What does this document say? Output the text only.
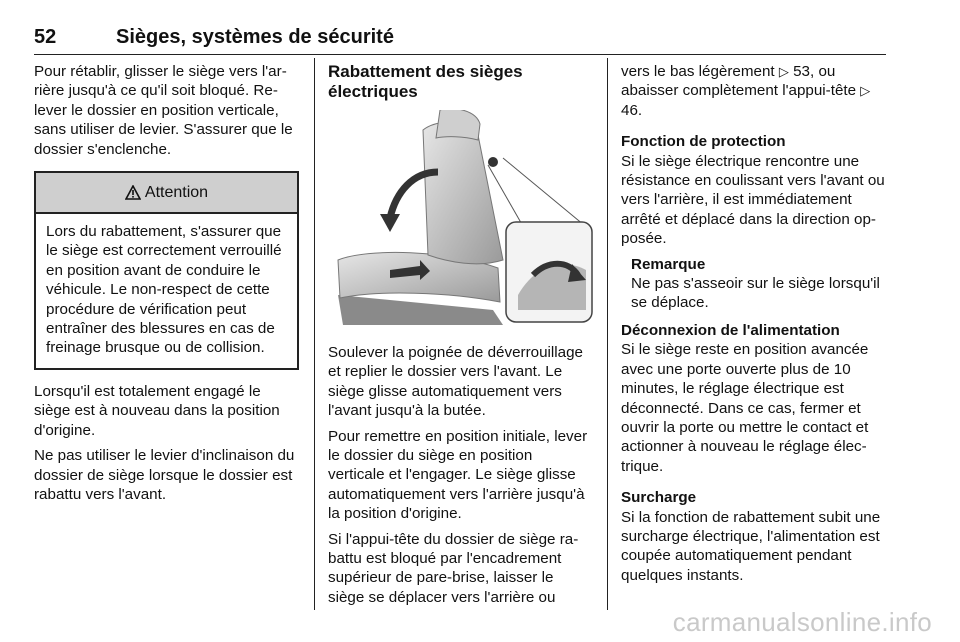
52	Sièges, systèmes de sécurité

Pour rétablir, glisser le siège vers l'arrière jusqu'à ce qu'il soit bloqué. Relever le dossier en position verticale, sans utiliser de levier. S'assurer que le dossier s'enclenche.

Attention
Lors du rabattement, s'assurer que le siège est correctement verrouillé en position avant de conduire le véhicule. Le non-respect de cette procédure de vérification peut entraîner des blessures en cas de freinage brusque ou de collision.

Lorsqu'il est totalement engagé le siège est à nouveau dans la position d'origine.

Ne pas utiliser le levier d'inclinaison du dossier de siège lorsque le dossier est rabattu vers l'avant.

Rabattement des sièges électriques

Soulever la poignée de déverrouillage et replier le dossier vers l'avant. Le siège glisse automatiquement vers l'avant jusqu'à la butée.

Pour remettre en position initiale, lever le dossier du siège en position verticale et l'engager. Le siège glisse automatiquement vers l'arrière jusqu'à la position d'origine.

Si l'appui-tête du dossier de siège rabattu est bloqué par l'encadrement supérieur de pare-brise, laisser le siège se déplacer vers l'arrière ou

vers le bas légèrement ▷ 53, ou abaisser complètement l'appui-tête ▷ 46.

Fonction de protection
Si le siège électrique rencontre une résistance en coulissant vers l'avant ou vers l'arrière, il est immédiatement arrêté et déplacé dans la direction opposée.

Remarque
Ne pas s'asseoir sur le siège lorsqu'il se déplace.

Déconnexion de l'alimentation
Si le siège reste en position avancée avec une porte ouverte plus de 10 minutes, le réglage électrique est déconnecté. Dans ce cas, fermer et ouvrir la porte ou mettre le contact et actionner à nouveau le réglage électrique.

Surcharge
Si la fonction de rabattement subit une surcharge électrique, l'alimentation est coupée automatiquement pendant quelques instants.

carmanualsonline.info
